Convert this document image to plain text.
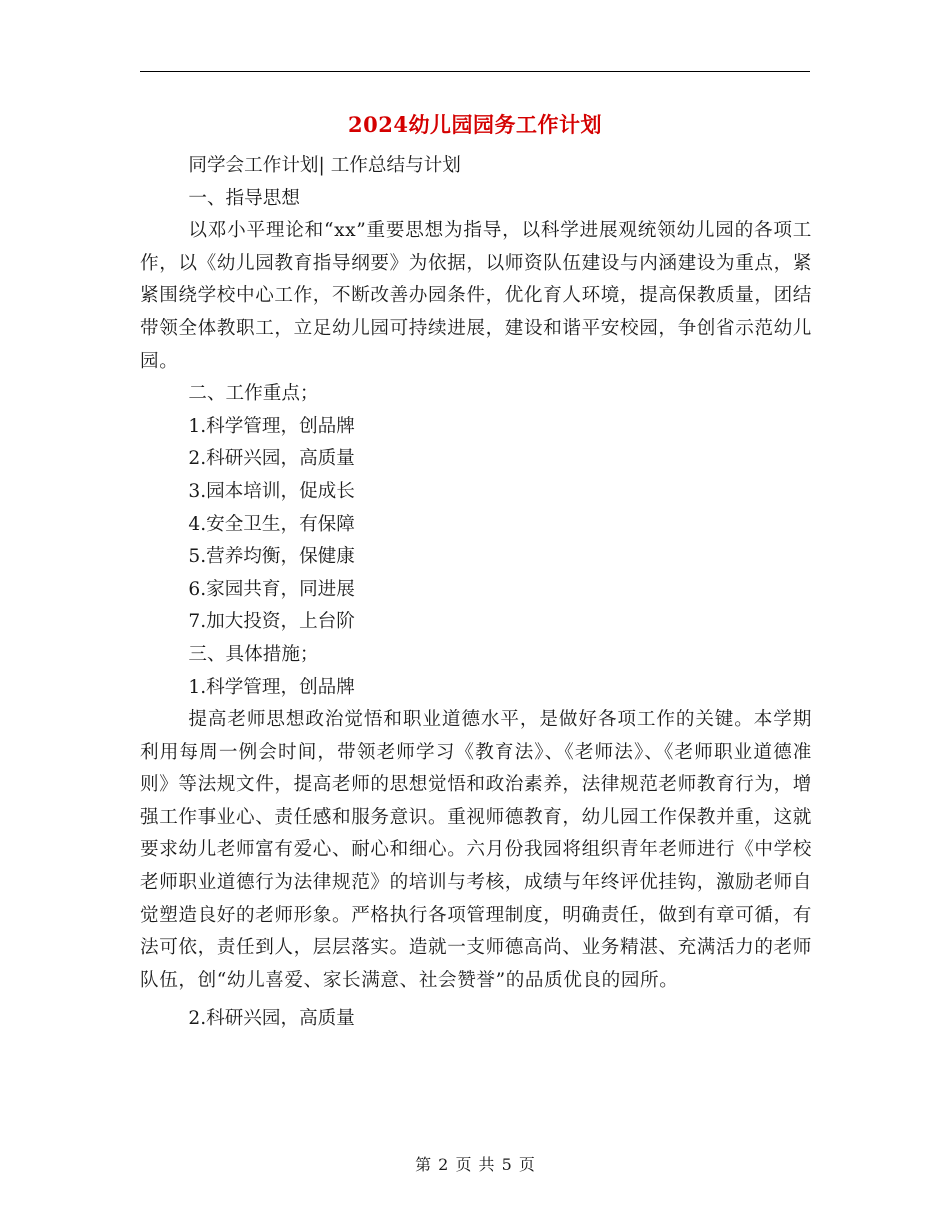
2024幼儿园园务工作计划

同学会工作计划| 工作总结与计划

一、指导思想

以邓小平理论和“xx”重要思想为指导，以科学进展观统领幼儿园的各项工作，以《幼儿园教育指导纲要》为依据，以师资队伍建设与内涵建设为重点，紧紧围绕学校中心工作，不断改善办园条件，优化育人环境，提高保教质量，团结带领全体教职工，立足幼儿园可持续进展，建设和谐平安校园，争创省示范幼儿园。

二、工作重点；

1.科学管理，创品牌

2.科研兴园，高质量

3.园本培训，促成长

4.安全卫生，有保障

5.营养均衡，保健康

6.家园共育，同进展

7.加大投资，上台阶

三、具体措施；

1.科学管理，创品牌

提高老师思想政治觉悟和职业道德水平，是做好各项工作的关键。本学期利用每周一例会时间，带领老师学习《教育法》、《老师法》、《老师职业道德准则》等法规文件，提高老师的思想觉悟和政治素养，法律规范老师教育行为，增强工作事业心、责任感和服务意识。重视师德教育，幼儿园工作保教并重，这就要求幼儿老师富有爱心、耐心和细心。六月份我园将组织青年老师进行《中学校老师职业道德行为法律规范》的培训与考核，成绩与年终评优挂钩，激励老师自觉塑造良好的老师形象。严格执行各项管理制度，明确责任，做到有章可循，有法可依，责任到人，层层落实。造就一支师德高尚、业务精湛、充满活力的老师队伍，创“幼儿喜爱、家长满意、社会赞誉”的品质优良的园所。

2.科研兴园，高质量

第 2 页 共 5 页
